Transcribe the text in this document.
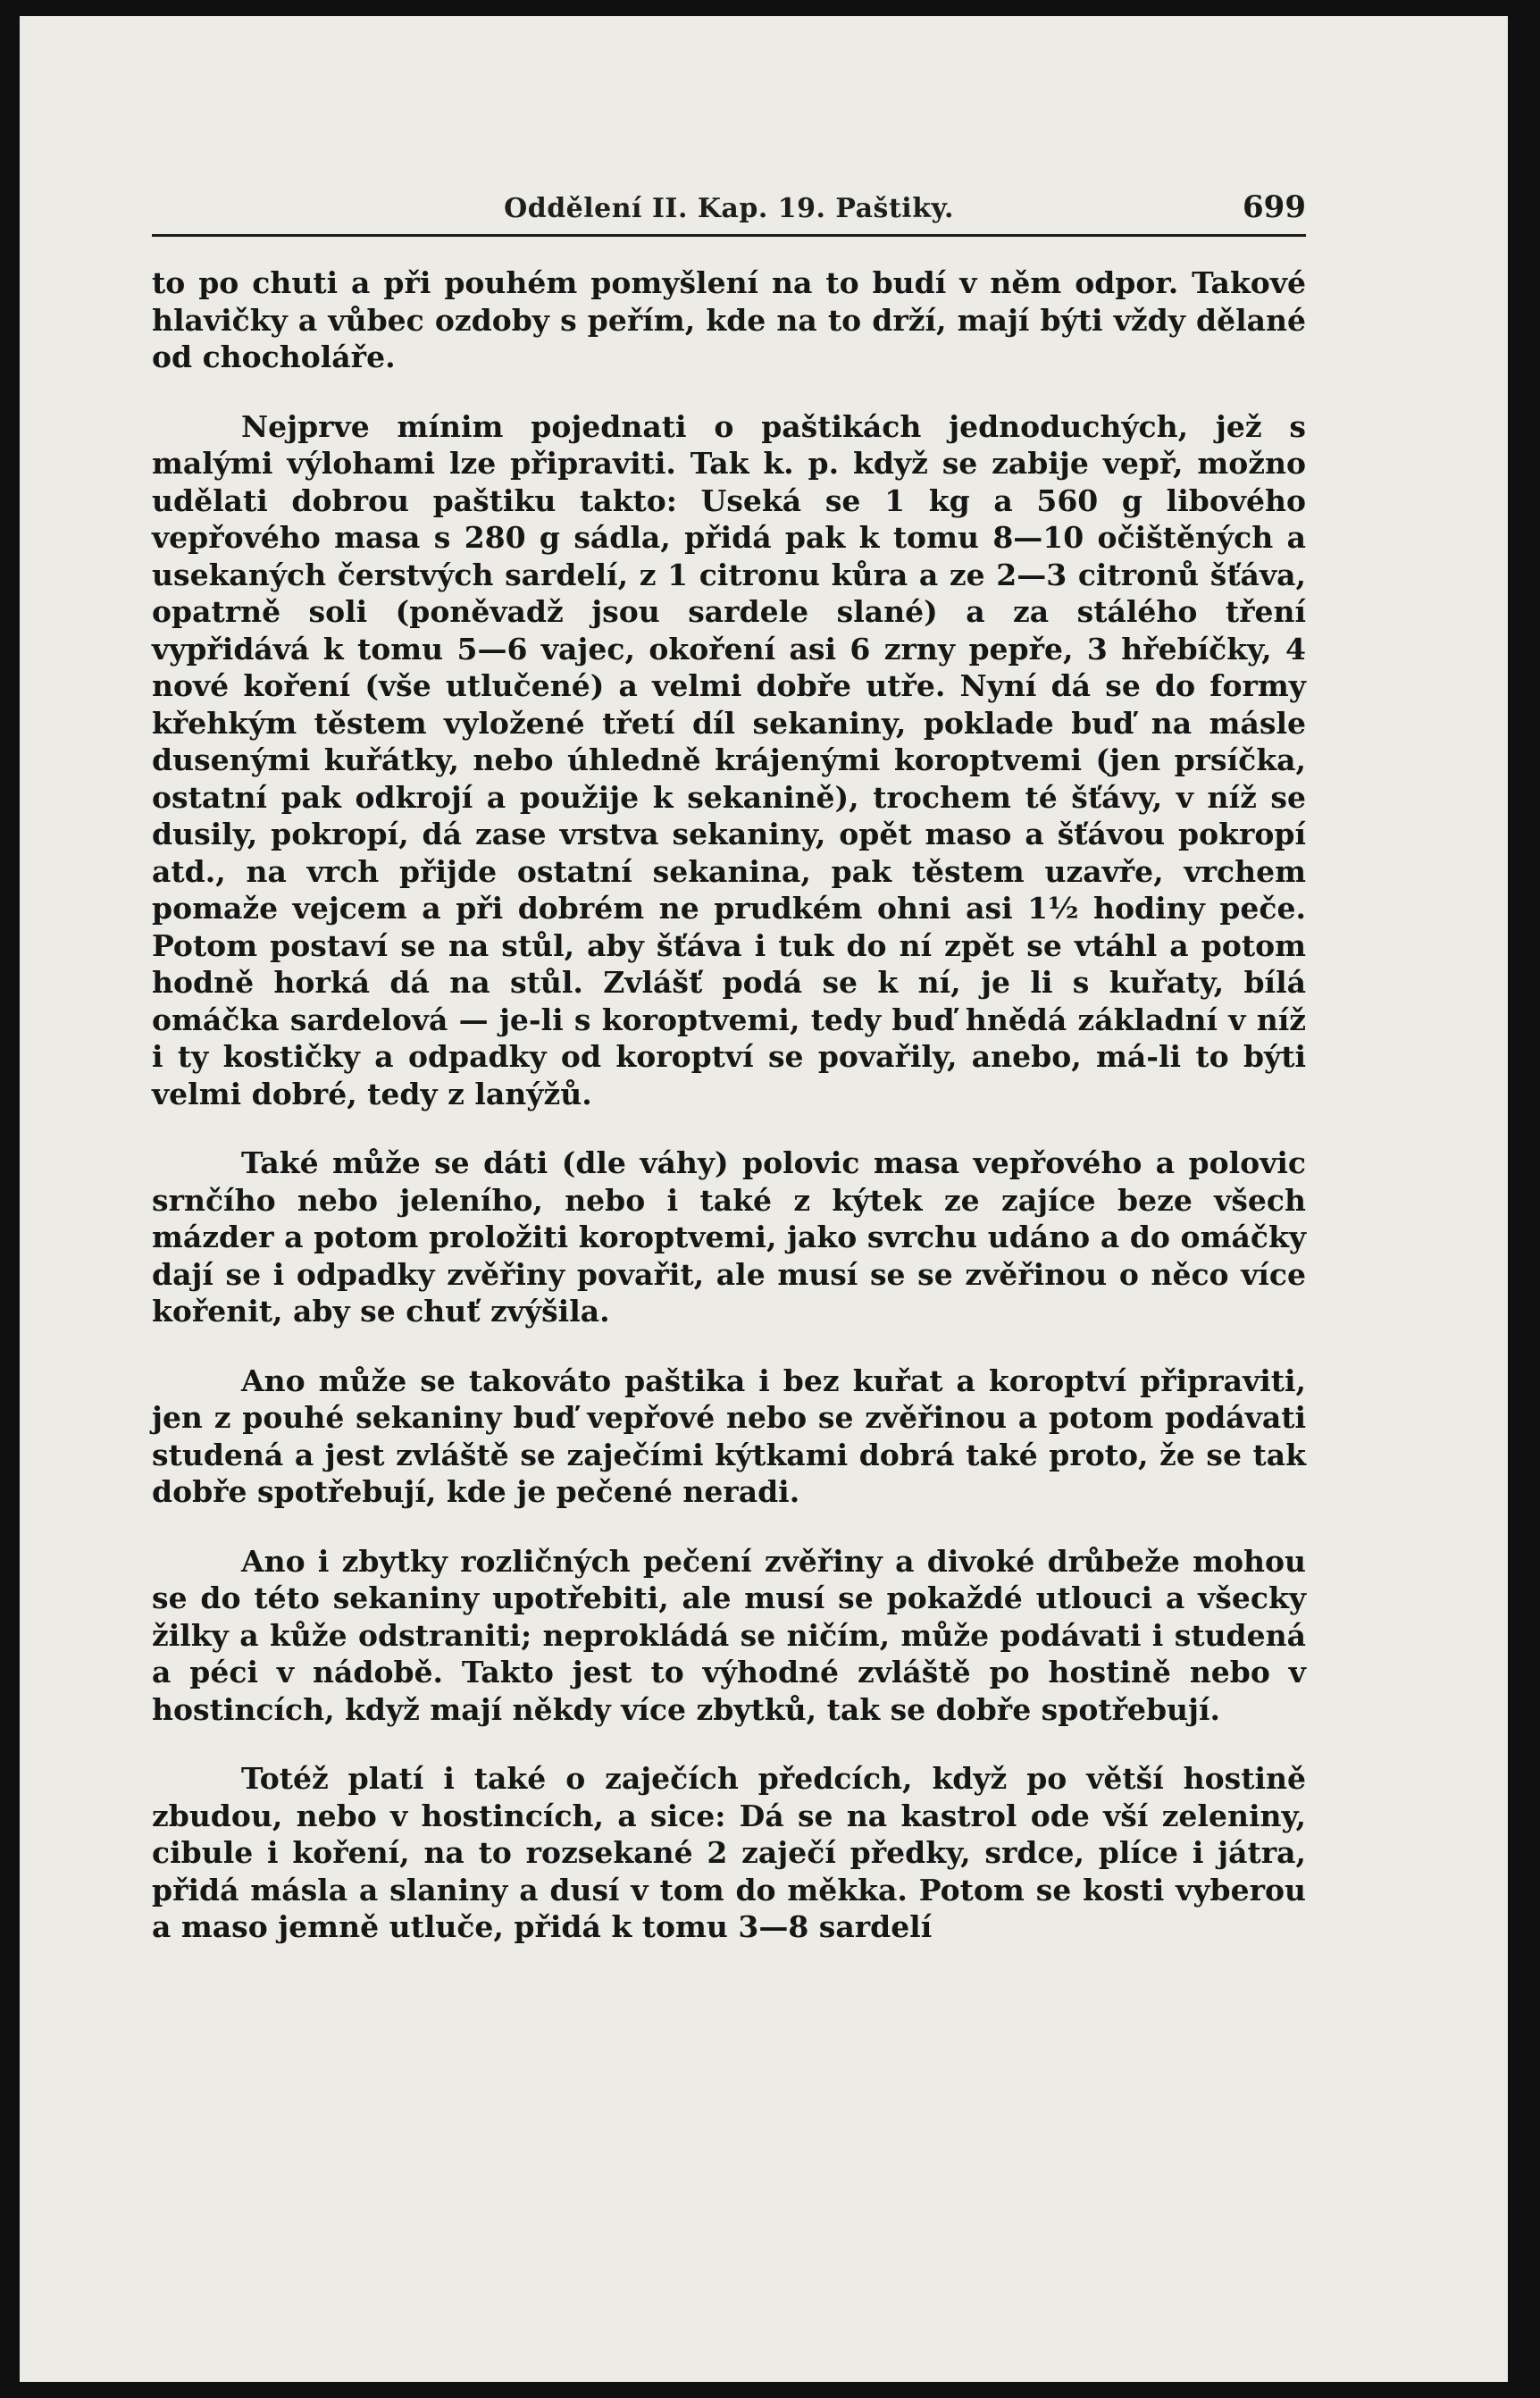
Oddělení II. Kap. 19. Paštiky.	699

to po chuti a při pouhém pomyšlení na to budí v něm odpor. Takové hlavičky a vůbec ozdoby s peřím, kde na to drží, mají býti vždy dělané od chocholáře.

Nejprve mínim pojednati o paštikách jednoduchých, jež s malými výlohami lze připraviti. Tak k. p. když se zabije vepř, možno udělati dobrou paštiku takto: Useká se 1 kg a 560 g libového vepřového masa s 280 g sádla, přidá pak k tomu 8—10 očištěných a usekaných čerstvých sardelí, z 1 citronu kůra a ze 2—3 citronů šťáva, opatrně soli (poněvadž jsou sardele slané) a za stálého tření vypřidává k tomu 5—6 vajec, okoření asi 6 zrny pepře, 3 hřebíčky, 4 nové koření (vše utlučené) a velmi dobře utře. Nyní dá se do formy křehkým těstem vyložené třetí díl sekaniny, poklade buď na másle dusenými kuřátky, nebo úhledně krájenými koroptvemi (jen prsíčka, ostatní pak odkrojí a použije k sekanině), trochem té šťávy, v níž se dusily, pokropí, dá zase vrstva sekaniny, opět maso a šťávou pokropí atd., na vrch přijde ostatní sekanina, pak těstem uzavře, vrchem pomaže vejcem a při dobrém ne prudkém ohni asi 1½ hodiny peče. Potom postaví se na stůl, aby šťáva i tuk do ní zpět se vtáhl a potom hodně horká dá na stůl. Zvlášť podá se k ní, je li s kuřaty, bílá omáčka sardelová — je-li s koroptvemi, tedy buď hnědá základní v níž i ty kostičky a odpadky od koroptví se povařily, anebo, má-li to býti velmi dobré, tedy z lanýžů.

Také může se dáti (dle váhy) polovic masa vepřového a polovic srnčího nebo jeleního, nebo i také z kýtek ze zajíce beze všech mázder a potom proložiti koroptvemi, jako svrchu udáno a do omáčky dají se i odpadky zvěřiny povařit, ale musí se se zvěřinou o něco více kořenit, aby se chuť zvýšila.

Ano může se takováto paštika i bez kuřat a koroptví připraviti, jen z pouhé sekaniny buď vepřové nebo se zvěřinou a potom podávati studená a jest zvláště se zaječími kýtkami dobrá také proto, že se tak dobře spotřebují, kde je pečené neradi.

Ano i zbytky rozličných pečení zvěřiny a divoké drůbeže mohou se do této sekaniny upotřebiti, ale musí se pokaždé utlouci a všecky žilky a kůže odstraniti; neprokládá se ničím, může podávati i studená a péci v nádobě. Takto jest to výhodné zvláště po hostině nebo v hostincích, když mají někdy více zbytků, tak se dobře spotřebují.

Totéž platí i také o zaječích předcích, když po větší hostině zbudou, nebo v hostincích, a sice: Dá se na kastrol ode vší zeleniny, cibule i koření, na to rozsekané 2 zaječí předky, srdce, plíce i játra, přidá másla a slaniny a dusí v tom do měkka. Potom se kosti vyberou a maso jemně utluče, přidá k tomu 3—8 sardelí
